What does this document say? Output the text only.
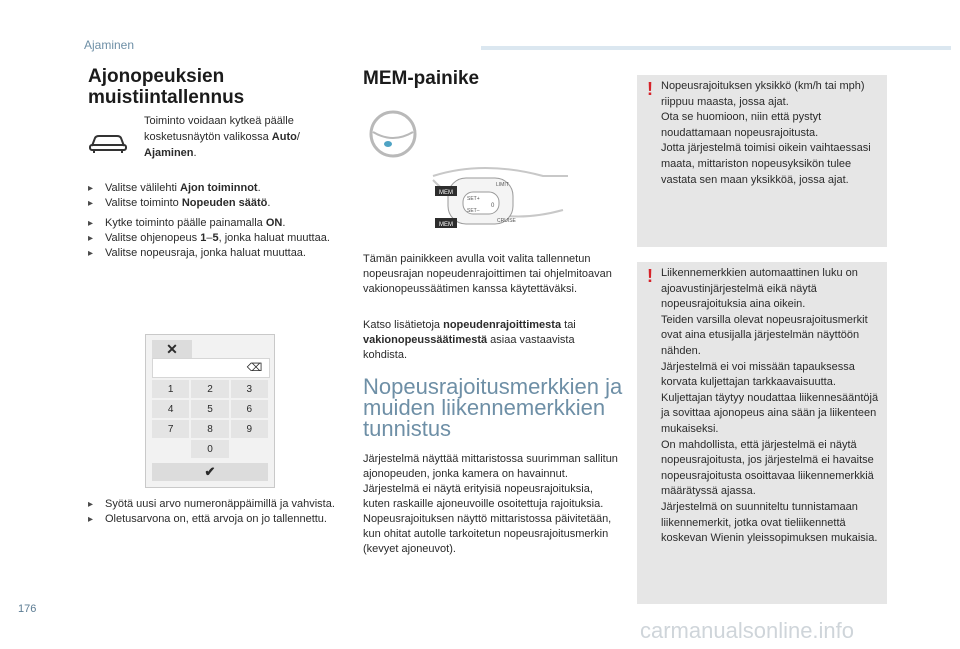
Ajaminen
Ajonopeuksien
muistiintallennus
Toiminto voidaan kytkeä päälle kosketusnäytön valikossa Auto/ Ajaminen.
▸ Valitse välilehti Ajon toiminnot.
▸ Valitse toiminto Nopeuden säätö.
▸ Kytke toiminto päälle painamalla ON.
▸ Valitse ohjenopeus 1–5, jonka haluat muuttaa.
▸ Valitse nopeusraja, jonka haluat muuttaa.
✕
⌫
1	2	3
4	5	6
7	8	9
0
✔
▸ Syötä uusi arvo numeronäppäimillä ja vahvista.
▸ Oletusarvona on, että arvoja on jo tallennettu.
MEM-painike
SET+
SET–
0
LIMIT
CRUISE
MEM
MEM
Tämän painikkeen avulla voit valita tallennetun nopeusrajan nopeudenrajoittimen tai ohjelmitoavan vakionopeussäätimen kanssa käytettäväksi.
Katso lisätietoja nopeudenrajoittimesta tai vakionopeussäätimestä asiaa vastaavista kohdista.
Nopeusrajoitusmerkkien ja muiden liikennemerkkien tunnistus
Järjestelmä näyttää mittaristossa suurimman sallitun ajonopeuden, jonka kamera on havainnut.
Järjestelmä ei näytä erityisiä nopeusrajoituksia, kuten raskaille ajoneuvoille osoitettuja rajoituksia.
Nopeusrajoituksen näyttö mittaristossa päivitetään, kun ohitat autolle tarkoitetun nopeusrajoitusmerkin (kevyet ajoneuvot).
! Nopeusrajoituksen yksikkö (km/h tai mph) riippuu maasta, jossa ajat.
Ota se huomioon, niin että pystyt noudattamaan nopeusrajoitusta.
Jotta järjestelmä toimisi oikein vaihtaessasi maata, mittariston nopeusyksikön tulee vastata sen maan yksikköä, jossa ajat.
! Liikennemerkkien automaattinen luku on ajoavustinjärjestelmä eikä näytä nopeusrajoituksia aina oikein.
Teiden varsilla olevat nopeusrajoitusmerkit ovat aina etusijalla järjestelmän näyttöön nähden.
Järjestelmä ei voi missään tapauksessa korvata kuljettajan tarkkaavaisuutta.
Kuljettajan täytyy noudattaa liikennesääntöjä ja sovittaa ajonopeus aina sään ja liikenteen mukaiseksi.
On mahdollista, että järjestelmä ei näytä nopeusrajoitusta, jos järjestelmä ei havaitse nopeusrajoitusta osoittavaa liikennemerkkiä määrätyssä ajassa.
Järjestelmä on suunniteltu tunnistamaan liikennemerkit, jotka ovat tieliikennettä koskevan Wienin yleissopimuksen mukaisia.
176
carmanualsonline.info
